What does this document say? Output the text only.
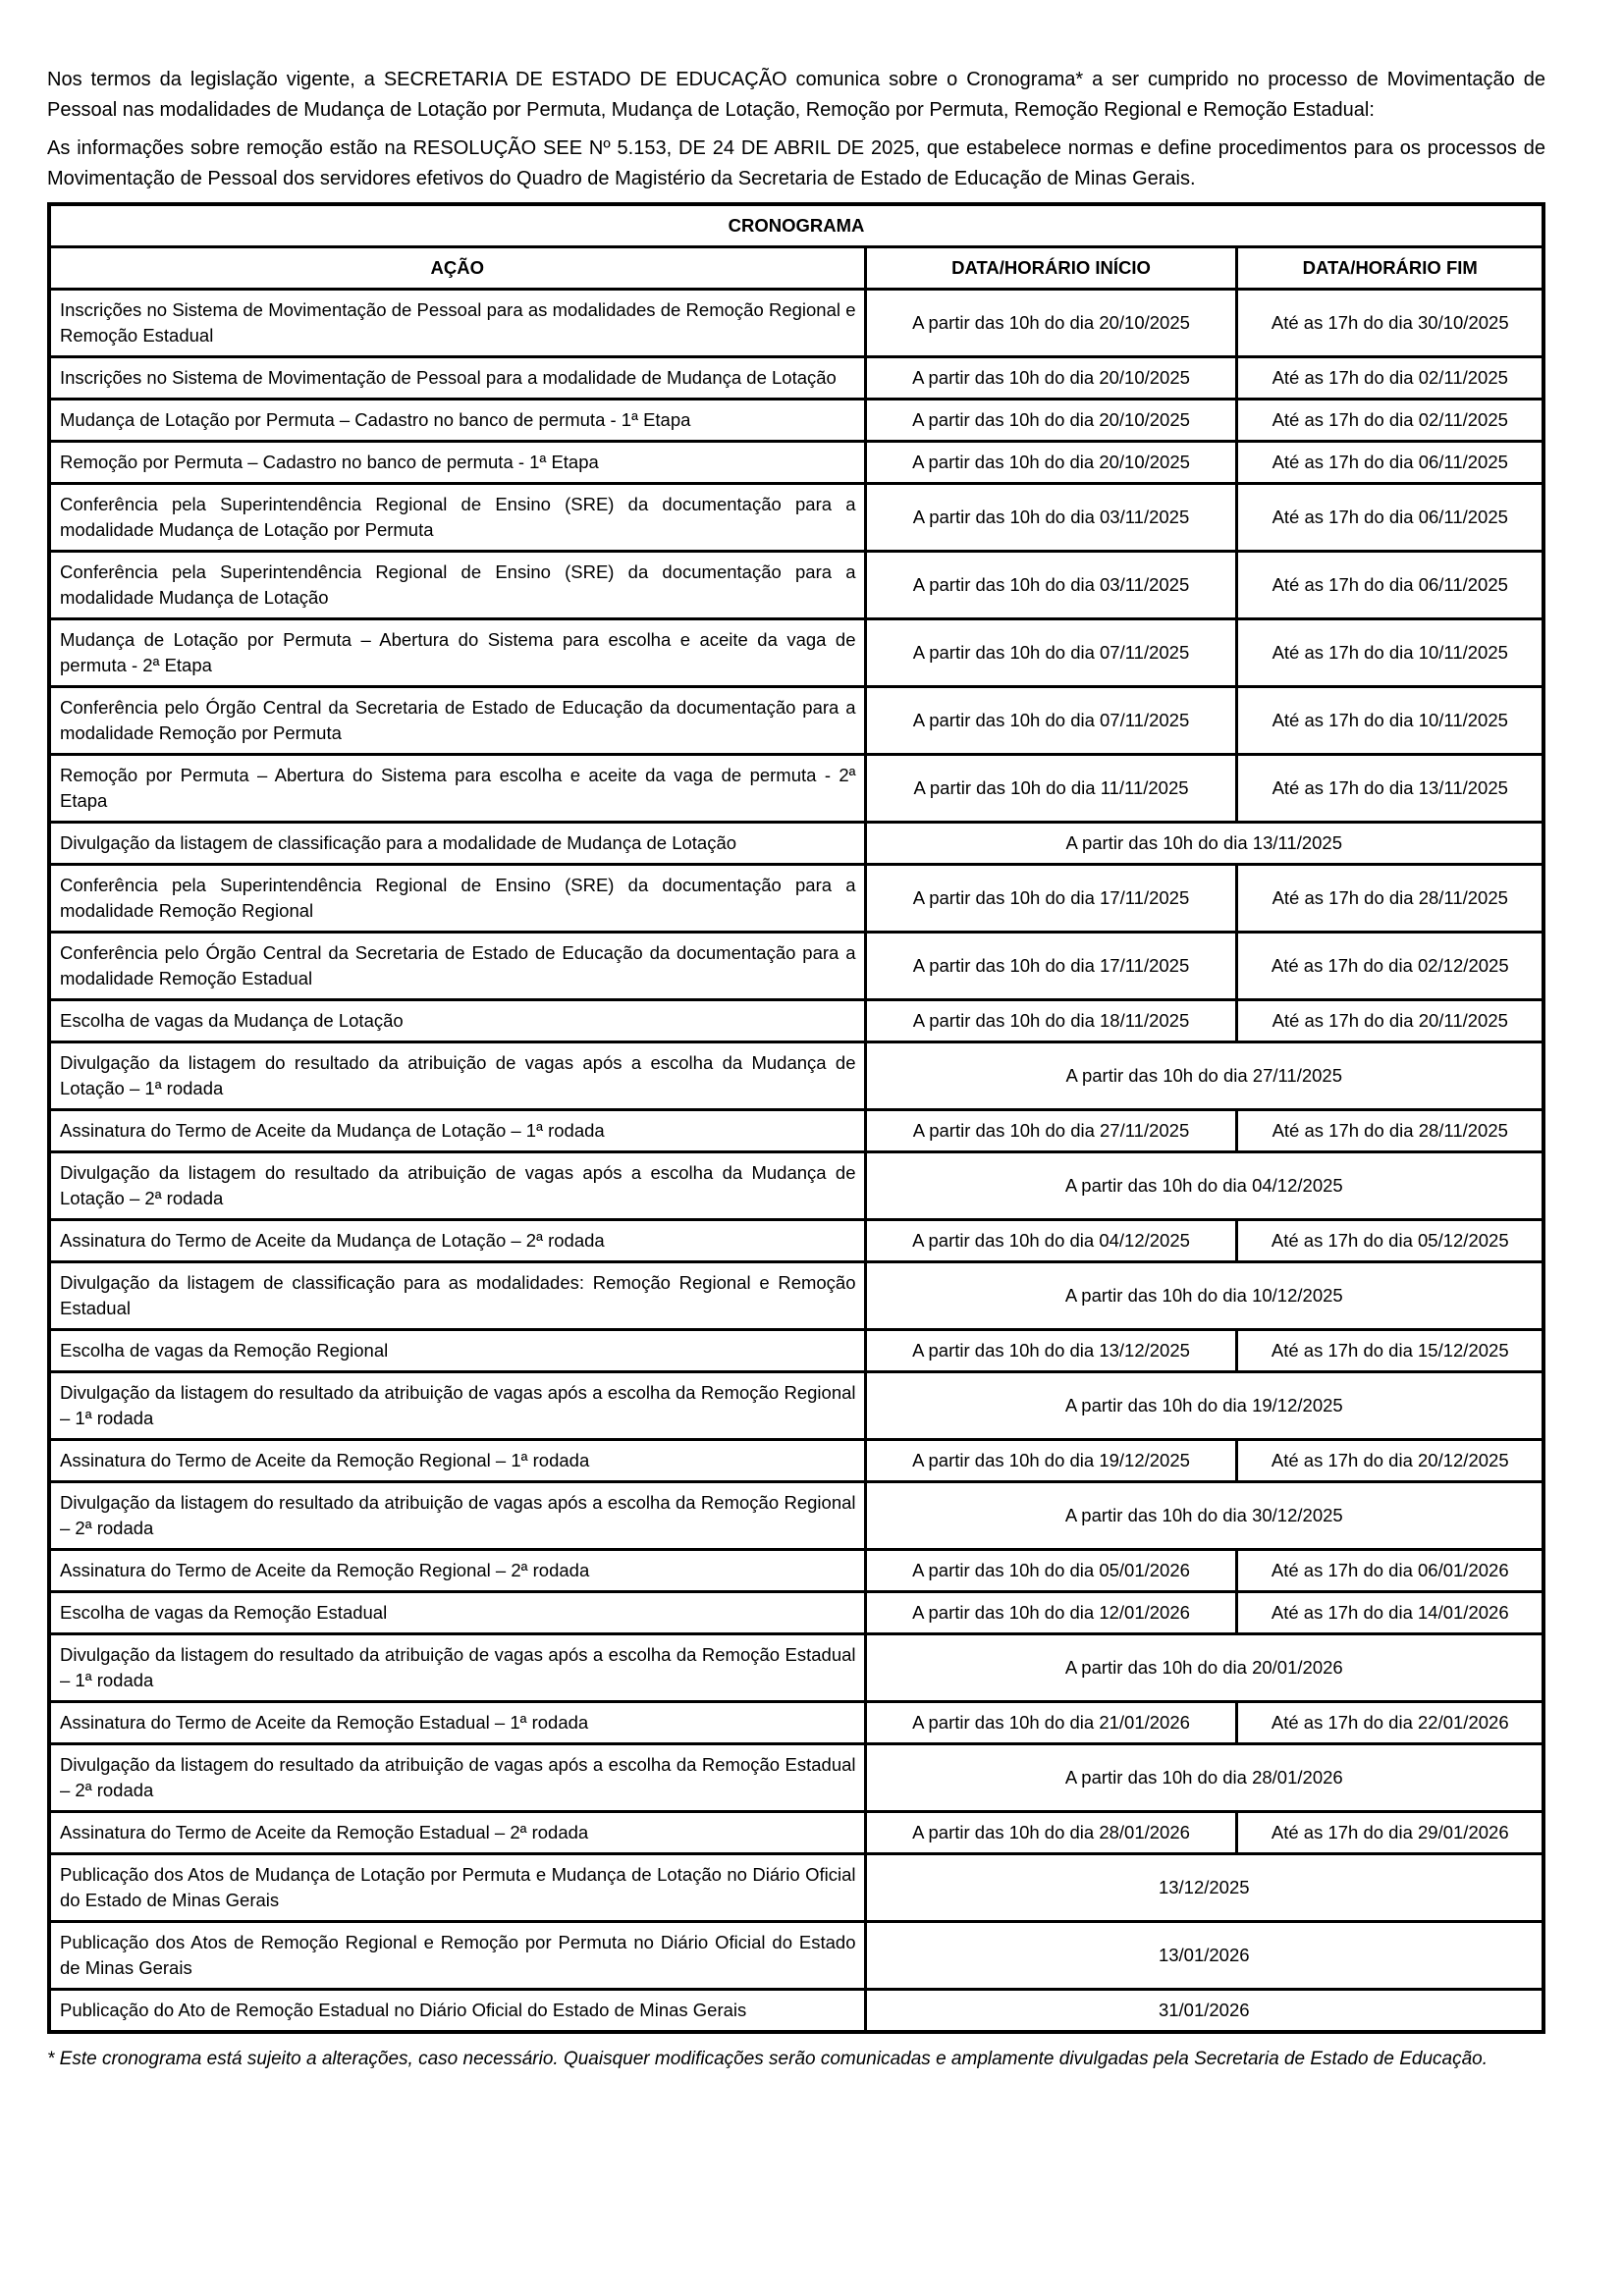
Nos termos da legislação vigente, a SECRETARIA DE ESTADO DE EDUCAÇÃO comunica sobre o Cronograma* a ser cumprido no processo de Movimentação de Pessoal nas modalidades de Mudança de Lotação por Permuta, Mudança de Lotação, Remoção por Permuta, Remoção Regional e Remoção Estadual:

As informações sobre remoção estão na RESOLUÇÃO SEE Nº 5.153, DE 24 DE ABRIL DE 2025, que estabelece normas e define procedimentos para os processos de Movimentação de Pessoal dos servidores efetivos do Quadro de Magistério da Secretaria de Estado de Educação de Minas Gerais.

CRONOGRAMA		
AÇÃO	DATA/HORÁRIO INÍCIO	DATA/HORÁRIO FIM
Inscrições no Sistema de Movimentação de Pessoal para as modalidades de Remoção Regional e Remoção Estadual	A partir das 10h do dia 20/10/2025	Até as 17h do dia 30/10/2025
Inscrições no Sistema de Movimentação de Pessoal para a modalidade de Mudança de Lotação	A partir das 10h do dia 20/10/2025	Até as 17h do dia 02/11/2025
Mudança de Lotação por Permuta – Cadastro no banco de permuta - 1ª Etapa	A partir das 10h do dia 20/10/2025	Até as 17h do dia 02/11/2025
Remoção por Permuta – Cadastro no banco de permuta - 1ª Etapa	A partir das 10h do dia 20/10/2025	Até as 17h do dia 06/11/2025
Conferência pela Superintendência Regional de Ensino (SRE) da documentação para a modalidade Mudança de Lotação por Permuta	A partir das 10h do dia 03/11/2025	Até as 17h do dia 06/11/2025
Conferência pela Superintendência Regional de Ensino (SRE) da documentação para a modalidade Mudança de Lotação	A partir das 10h do dia 03/11/2025	Até as 17h do dia 06/11/2025
Mudança de Lotação por Permuta – Abertura do Sistema para escolha e aceite da vaga de permuta - 2ª Etapa	A partir das 10h do dia 07/11/2025	Até as 17h do dia 10/11/2025
Conferência pelo Órgão Central da Secretaria de Estado de Educação da documentação para a modalidade Remoção por Permuta	A partir das 10h do dia 07/11/2025	Até as 17h do dia 10/11/2025
Remoção por Permuta – Abertura do Sistema para escolha e aceite da vaga de permuta - 2ª Etapa	A partir das 10h do dia 11/11/2025	Até as 17h do dia 13/11/2025
Divulgação da listagem de classificação para a modalidade de Mudança de Lotação	A partir das 10h do dia 13/11/2025	
Conferência pela Superintendência Regional de Ensino (SRE) da documentação para a modalidade Remoção Regional	A partir das 10h do dia 17/11/2025	Até as 17h do dia 28/11/2025
Conferência pelo Órgão Central da Secretaria de Estado de Educação da documentação para a modalidade Remoção Estadual	A partir das 10h do dia 17/11/2025	Até as 17h do dia 02/12/2025
Escolha de vagas da Mudança de Lotação	A partir das 10h do dia 18/11/2025	Até as 17h do dia 20/11/2025
Divulgação da listagem do resultado da atribuição de vagas após a escolha da Mudança de Lotação – 1ª rodada	A partir das 10h do dia 27/11/2025	
Assinatura do Termo de Aceite da Mudança de Lotação – 1ª rodada	A partir das 10h do dia 27/11/2025	Até as 17h do dia 28/11/2025
Divulgação da listagem do resultado da atribuição de vagas após a escolha da Mudança de Lotação – 2ª rodada	A partir das 10h do dia 04/12/2025	
Assinatura do Termo de Aceite da Mudança de Lotação – 2ª rodada	A partir das 10h do dia 04/12/2025	Até as 17h do dia 05/12/2025
Divulgação da listagem de classificação para as modalidades: Remoção Regional e Remoção Estadual	A partir das 10h do dia 10/12/2025	
Escolha de vagas da Remoção Regional	A partir das 10h do dia 13/12/2025	Até as 17h do dia 15/12/2025
Divulgação da listagem do resultado da atribuição de vagas após a escolha da Remoção Regional – 1ª rodada	A partir das 10h do dia 19/12/2025	
Assinatura do Termo de Aceite da Remoção Regional – 1ª rodada	A partir das 10h do dia 19/12/2025	Até as 17h do dia 20/12/2025
Divulgação da listagem do resultado da atribuição de vagas após a escolha da Remoção Regional – 2ª rodada	A partir das 10h do dia 30/12/2025	
Assinatura do Termo de Aceite da Remoção Regional – 2ª rodada	A partir das 10h do dia 05/01/2026	Até as 17h do dia 06/01/2026
Escolha de vagas da Remoção Estadual	A partir das 10h do dia 12/01/2026	Até as 17h do dia 14/01/2026
Divulgação da listagem do resultado da atribuição de vagas após a escolha da Remoção Estadual – 1ª rodada	A partir das 10h do dia 20/01/2026	
Assinatura do Termo de Aceite da Remoção Estadual – 1ª rodada	A partir das 10h do dia 21/01/2026	Até as 17h do dia 22/01/2026
Divulgação da listagem do resultado da atribuição de vagas após a escolha da Remoção Estadual – 2ª rodada	A partir das 10h do dia 28/01/2026	
Assinatura do Termo de Aceite da Remoção Estadual – 2ª rodada	A partir das 10h do dia 28/01/2026	Até as 17h do dia 29/01/2026
Publicação dos Atos de Mudança de Lotação por Permuta e Mudança de Lotação no Diário Oficial do Estado de Minas Gerais	13/12/2025	
Publicação dos Atos de Remoção Regional e Remoção por Permuta no Diário Oficial do Estado de Minas Gerais	13/01/2026	
Publicação do Ato de Remoção Estadual no Diário Oficial do Estado de Minas Gerais	31/01/2026	

* Este cronograma está sujeito a alterações, caso necessário. Quaisquer modificações serão comunicadas e amplamente divulgadas pela Secretaria de Estado de Educação.
